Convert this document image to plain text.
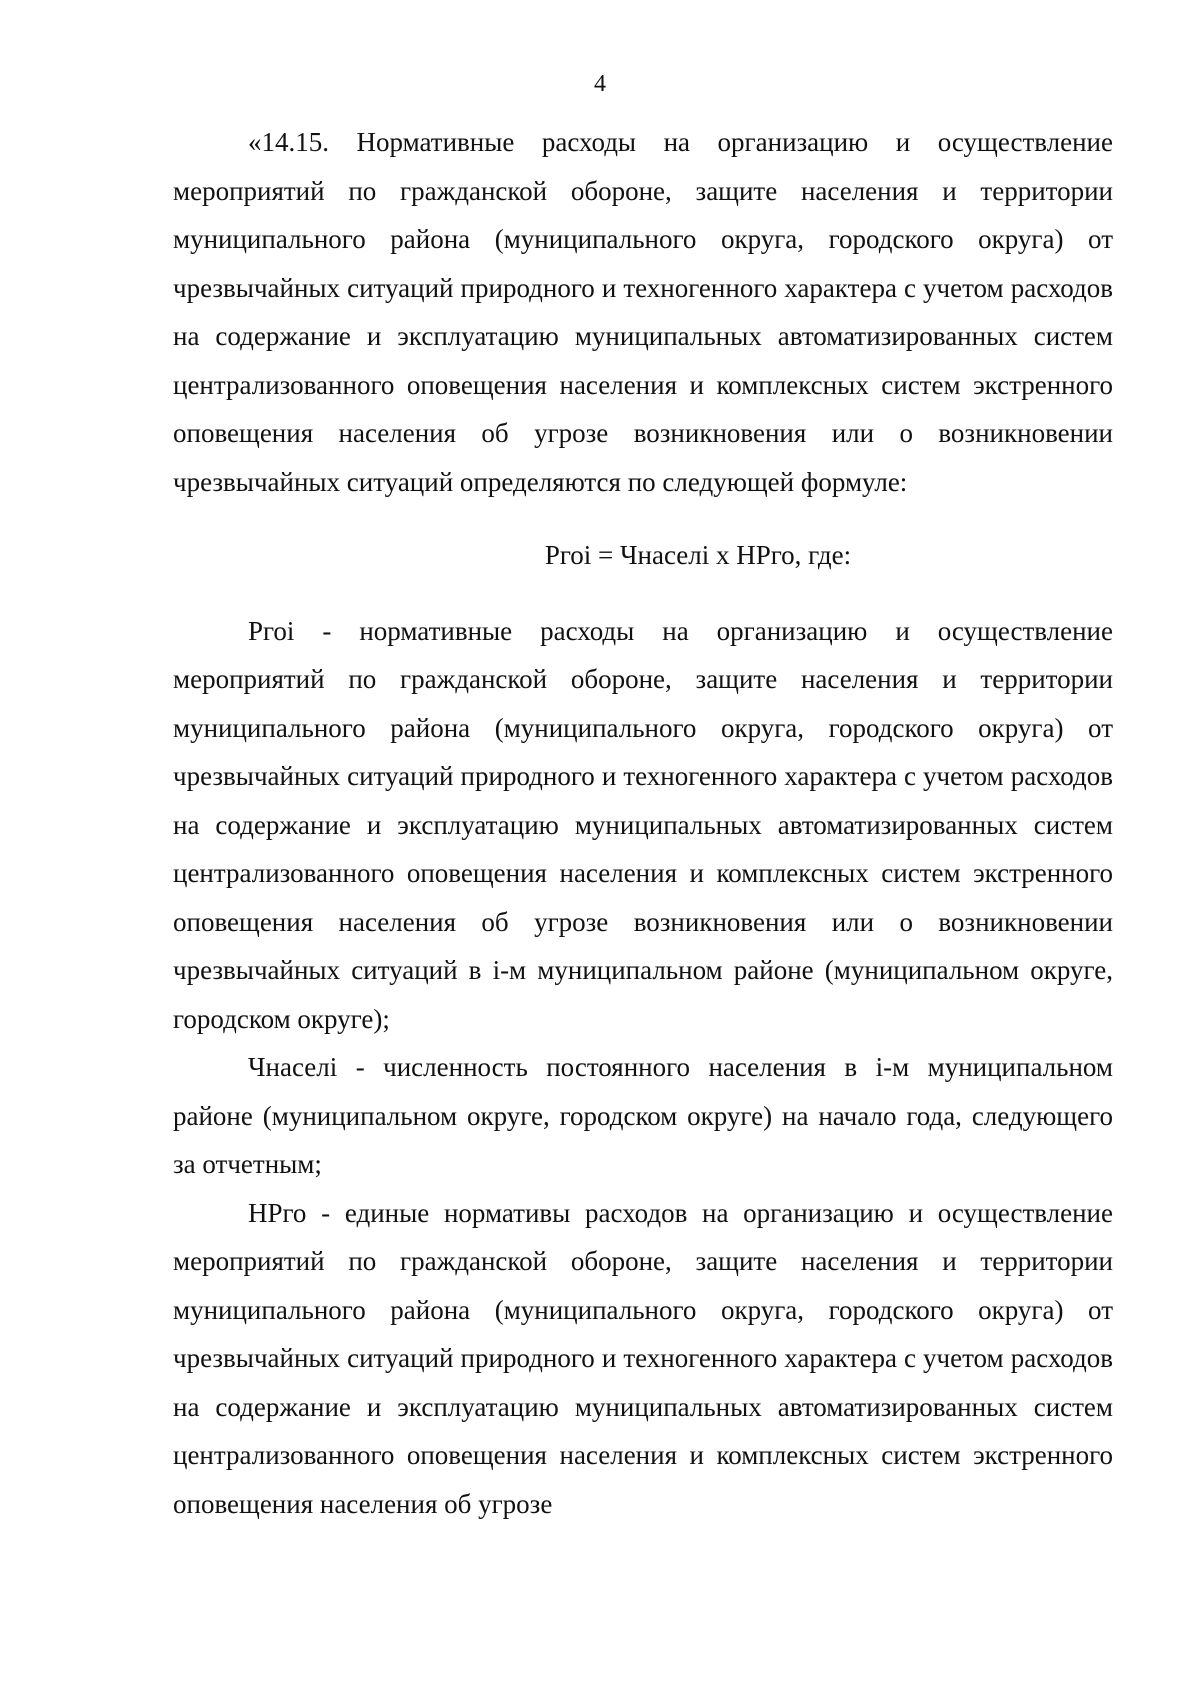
4

«14.15. Нормативные расходы на организацию и осуществление мероприятий по гражданской обороне, защите населения и территории муниципального района (муниципального округа, городского округа) от чрезвычайных ситуаций природного и техногенного характера с учетом расходов на содержание и эксплуатацию муниципальных автоматизированных систем централизованного оповещения населения и комплексных систем экстренного оповещения населения об угрозе возникновения или о возникновении чрезвычайных ситуаций определяются по следующей формуле:

Ргоi = Чнаселi х НРго, где:

Ргоi - нормативные расходы на организацию и осуществление мероприятий по гражданской обороне, защите населения и территории муниципального района (муниципального округа, городского округа) от чрезвычайных ситуаций природного и техногенного характера с учетом расходов на содержание и эксплуатацию муниципальных автоматизированных систем централизованного оповещения населения и комплексных систем экстренного оповещения населения об угрозе возникновения или о возникновении чрезвычайных ситуаций в i-м муниципальном районе (муниципальном округе, городском округе);

Чнаселi - численность постоянного населения в i-м муниципальном районе (муниципальном округе, городском округе) на начало года, следующего за отчетным;

НРго - единые нормативы расходов на организацию и осуществление мероприятий по гражданской обороне, защите населения и территории муниципального района (муниципального округа, городского округа) от чрезвычайных ситуаций природного и техногенного характера с учетом расходов на содержание и эксплуатацию муниципальных автоматизированных систем централизованного оповещения населения и комплексных систем экстренного оповещения населения об угрозе
